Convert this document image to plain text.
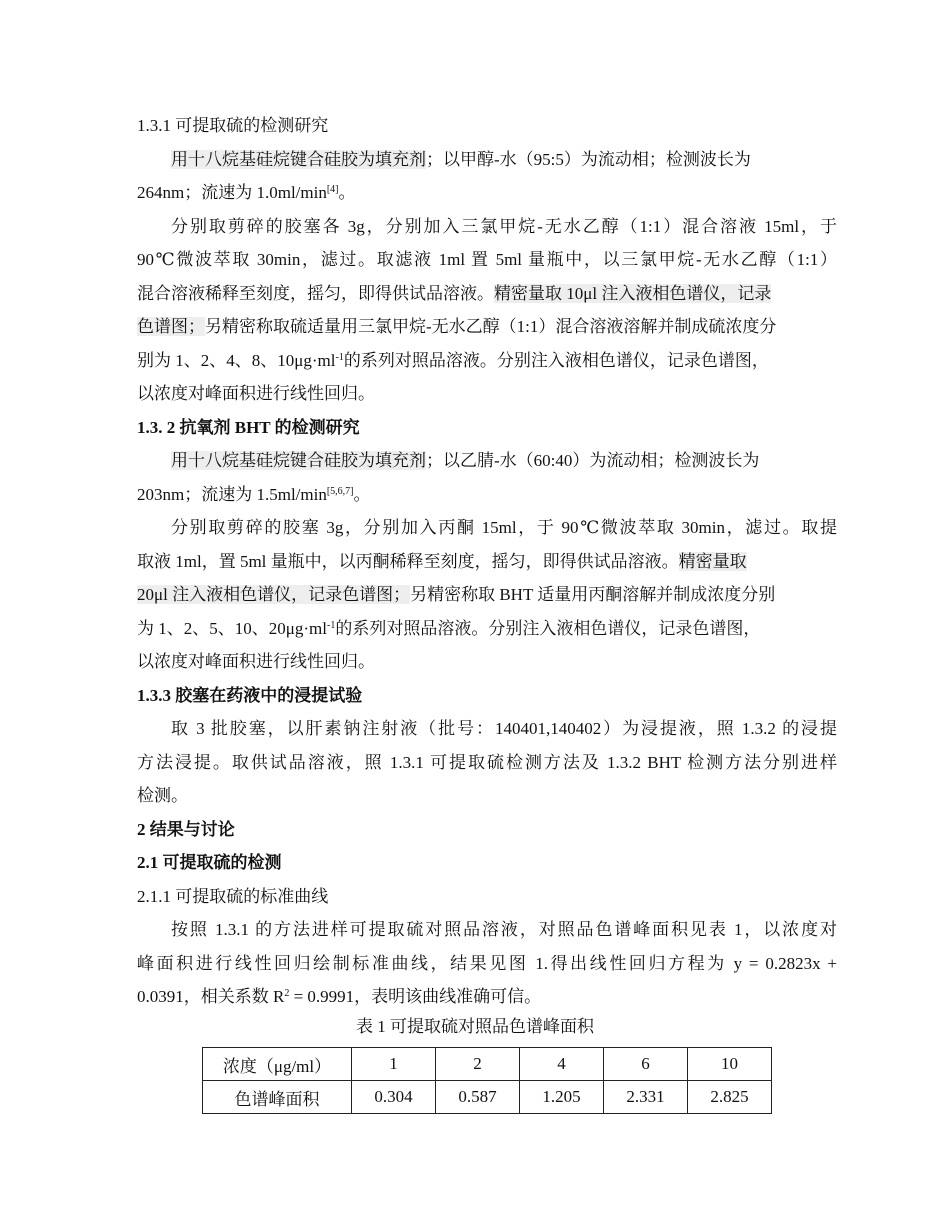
1.3.1 可提取硫的检测研究
用十八烷基硅烷键合硅胶为填充剂；以甲醇-水（95:5）为流动相；检测波长为
264nm；流速为 1.0ml/min[4]。
分别取剪碎的胶塞各 3g，分别加入三氯甲烷-无水乙醇（1:1）混合溶液 15ml，于
90℃微波萃取 30min，滤过。取滤液 1ml 置 5ml 量瓶中，以三氯甲烷-无水乙醇（1:1）
混合溶液稀释至刻度，摇匀，即得供试品溶液。精密量取 10μl 注入液相色谱仪，记录
色谱图；另精密称取硫适量用三氯甲烷-无水乙醇（1:1）混合溶液溶解并制成硫浓度分
别为 1、2、4、8、$10\mu g\cdot ml^{-1}$的系列对照品溶液。分别注入液相色谱仪，记录色谱图，
以浓度对峰面积进行线性回归。
1.3. 2 抗氧剂 BHT 的检测研究
用十八烷基硅烷键合硅胶为填充剂；以乙腈-水（60:40）为流动相；检测波长为
203nm；流速为 1.5ml/min[5,6,7]。
分别取剪碎的胶塞 3g，分别加入丙酮 15ml，于 90℃微波萃取 30min，滤过。取提
取液 1ml，置 5ml 量瓶中，以丙酮稀释至刻度，摇匀，即得供试品溶液。精密量取
20μl 注入液相色谱仪，记录色谱图；另精密称取 BHT 适量用丙酮溶解并制成浓度分别
为 1、2、5、10、$20\mu g\cdot ml^{-1}$的系列对照品溶液。分别注入液相色谱仪，记录色谱图，
以浓度对峰面积进行线性回归。
1.3.3 胶塞在药液中的浸提试验
取 3 批胶塞，以肝素钠注射液（批号：140401,140402）为浸提液，照 1.3.2 的浸提
方法浸提。取供试品溶液，照 1.3.1 可提取硫检测方法及 1.3.2 BHT 检测方法分别进样
检测。
2 结果与讨论
2.1 可提取硫的检测
2.1.1 可提取硫的标准曲线
按照 1.3.1 的方法进样可提取硫对照品溶液，对照品色谱峰面积见表 1，以浓度对
峰面积进行线性回归绘制标准曲线，结果见图 1.得出线性回归方程为 y = 0.2823x +
0.0391，相关系数 $R^2 = 0.9991$，表明该曲线准确可信。
表 1 可提取硫对照品色谱峰面积
浓度（μg/ml）	1	2	4	6	10
色谱峰面积	0.304	0.587	1.205	2.331	2.825
